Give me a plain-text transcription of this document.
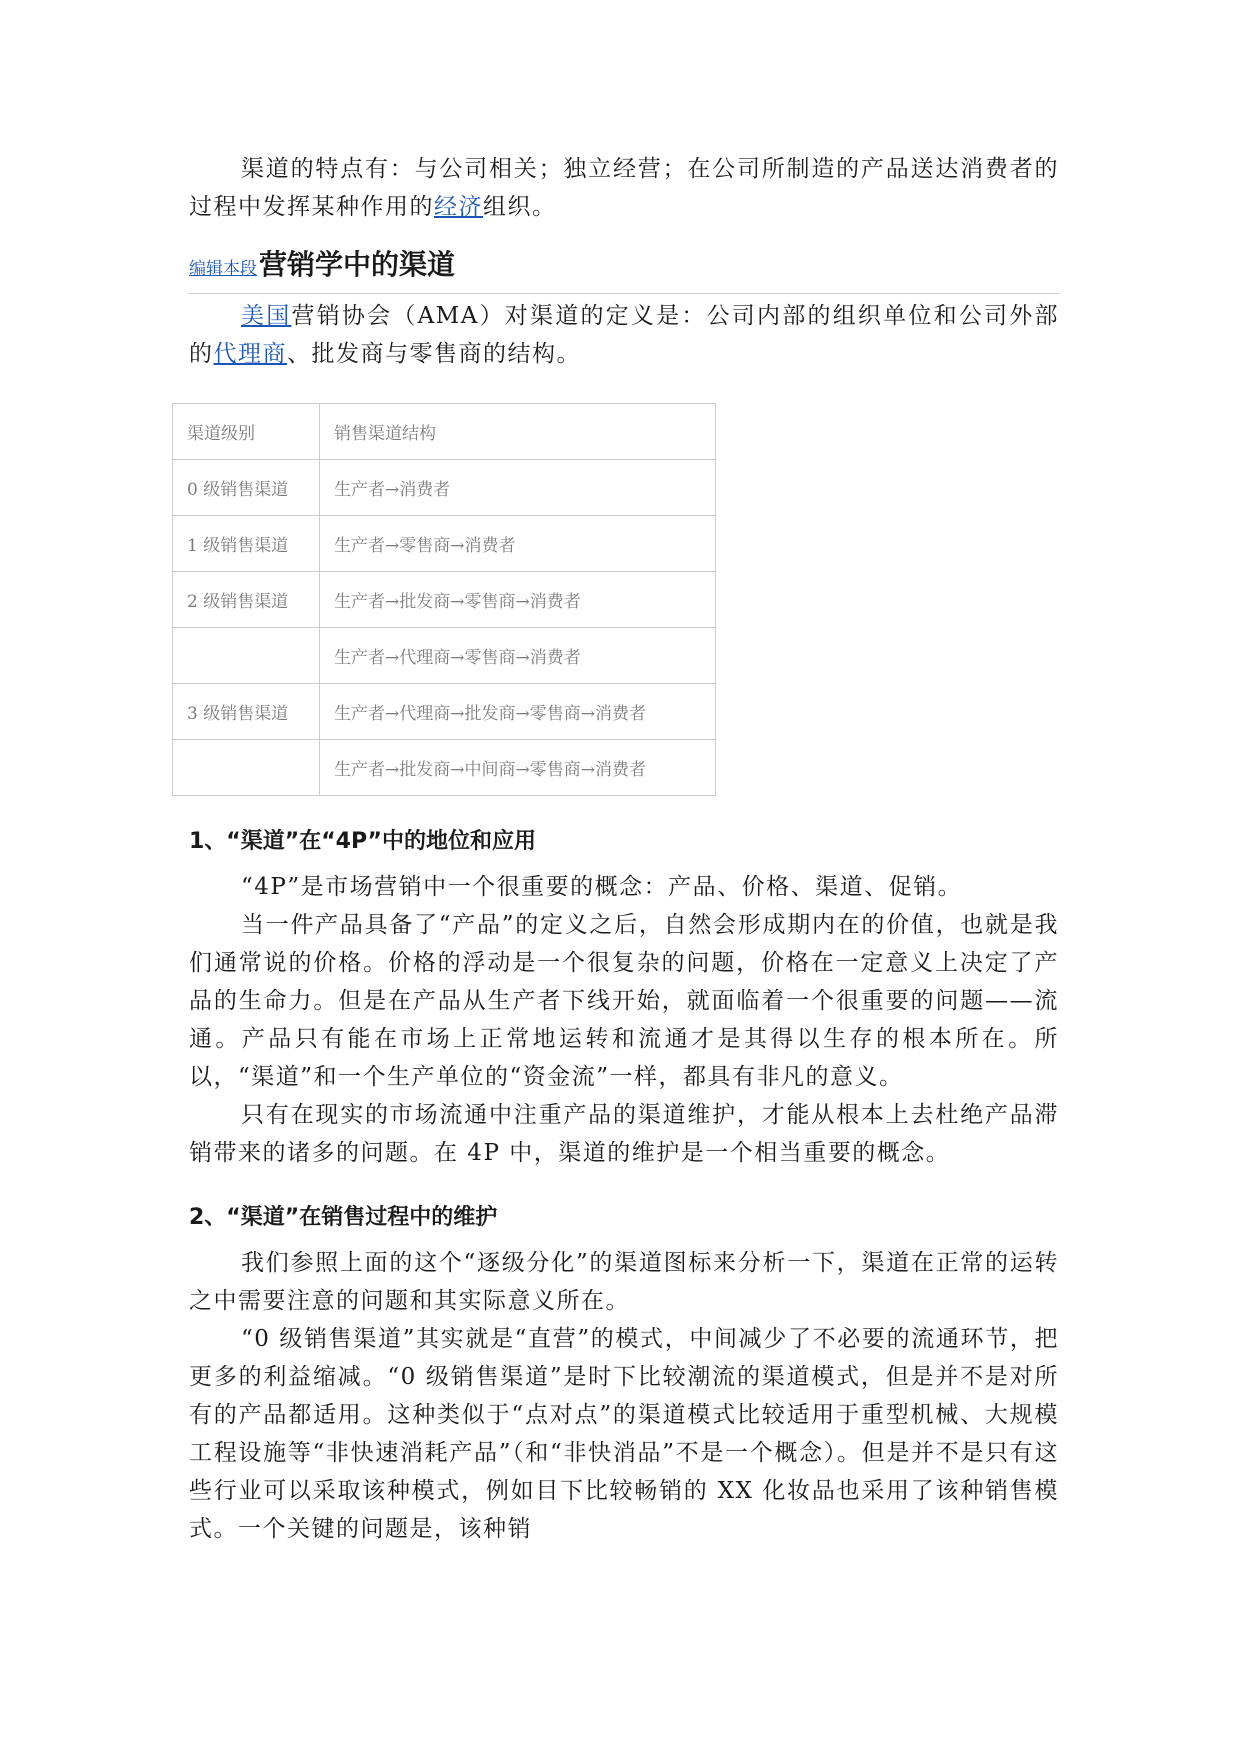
渠道的特点有：与公司相关；独立经营；在公司所制造的产品送达消费者的过程中发挥某种作用的经济组织。

编辑本段 营销学中的渠道

美国营销协会（AMA）对渠道的定义是：公司内部的组织单位和公司外部的代理商、批发商与零售商的结构。

渠道级别	销售渠道结构
0 级销售渠道	生产者→消费者
1 级销售渠道	生产者→零售商→消费者
2 级销售渠道	生产者→批发商→零售商→消费者
	生产者→代理商→零售商→消费者
3 级销售渠道	生产者→代理商→批发商→零售商→消费者
	生产者→批发商→中间商→零售商→消费者
1、“渠道”在“4P”中的地位和应用

“4P”是市场营销中一个很重要的概念：产品、价格、渠道、促销。

当一件产品具备了“产品”的定义之后，自然会形成期内在的价值，也就是我们通常说的价格。价格的浮动是一个很复杂的问题，价格在一定意义上决定了产品的生命力。但是在产品从生产者下线开始，就面临着一个很重要的问题——流通。产品只有能在市场上正常地运转和流通才是其得以生存的根本所在。所以，“渠道”和一个生产单位的“资金流”一样，都具有非凡的意义。

只有在现实的市场流通中注重产品的渠道维护，才能从根本上去杜绝产品滞销带来的诸多的问题。在 4P 中，渠道的维护是一个相当重要的概念。

2、“渠道”在销售过程中的维护

我们参照上面的这个“逐级分化”的渠道图标来分析一下，渠道在正常的运转之中需要注意的问题和其实际意义所在。

“0 级销售渠道”其实就是“直营”的模式，中间减少了不必要的流通环节，把更多的利益缩减。“0 级销售渠道”是时下比较潮流的渠道模式，但是并不是对所有的产品都适用。这种类似于“点对点”的渠道模式比较适用于重型机械、大规模工程设施等“非快速消耗产品”（和“非快消品”不是一个概念）。但是并不是只有这些行业可以采取该种模式，例如目下比较畅销的 XX 化妆品也采用了该种销售模式。一个关键的问题是，该种销
